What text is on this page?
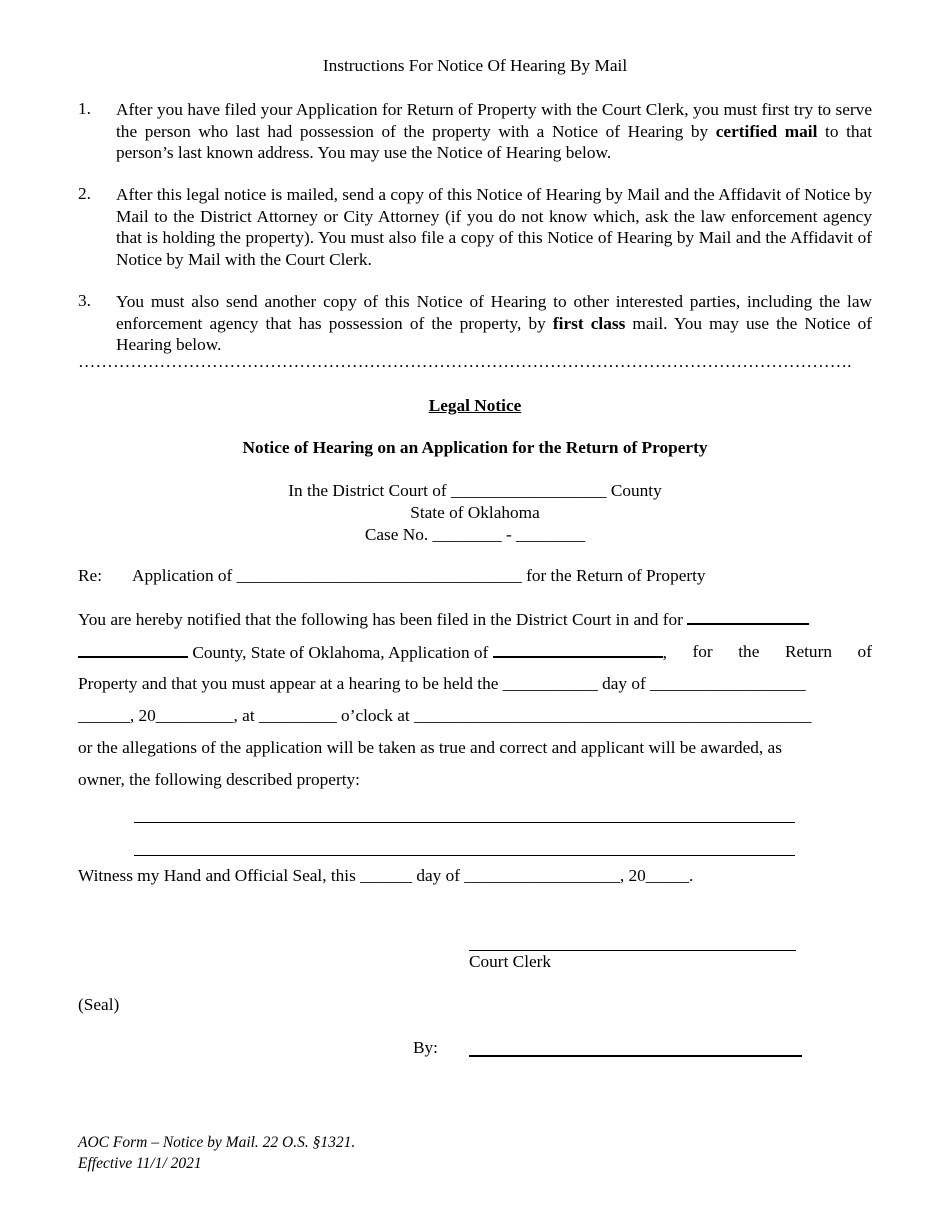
Instructions For Notice Of Hearing By Mail
1. After you have filed your Application for Return of Property with the Court Clerk, you must first try to serve the person who last had possession of the property with a Notice of Hearing by certified mail to that person’s last known address. You may use the Notice of Hearing below.
2. After this legal notice is mailed, send a copy of this Notice of Hearing by Mail and the Affidavit of Notice by Mail to the District Attorney or City Attorney (if you do not know which, ask the law enforcement agency that is holding the property). You must also file a copy of this Notice of Hearing by Mail and the Affidavit of Notice by Mail with the Court Clerk.
3. You must also send another copy of this Notice of Hearing to other interested parties, including the law enforcement agency that has possession of the property, by first class mail. You may use the Notice of Hearing below.
…………………………………………………………………………………………………………………….
Legal Notice
Notice of Hearing on an Application for the Return of Property
In the District Court of __________________ County
State of Oklahoma
Case No. ________ - ________
Re: Application of _________________________________ for the Return of Property
You are hereby notified that the following has been filed in the District Court in and for
County, State of Oklahoma, Application of	, for the Return of
Property and that you must appear at a hearing to be held the ___________ day of __________________
______, 20_________, at _________ o’clock at ______________________________________________
or the allegations of the application will be taken as true and correct and applicant will be awarded, as
owner, the following described property:
Witness my Hand and Official Seal, this ______ day of __________________, 20_____.
Court Clerk
(Seal)
By:
AOC Form – Notice by Mail. 22 O.S. §1321.
Effective 11/1/ 2021
